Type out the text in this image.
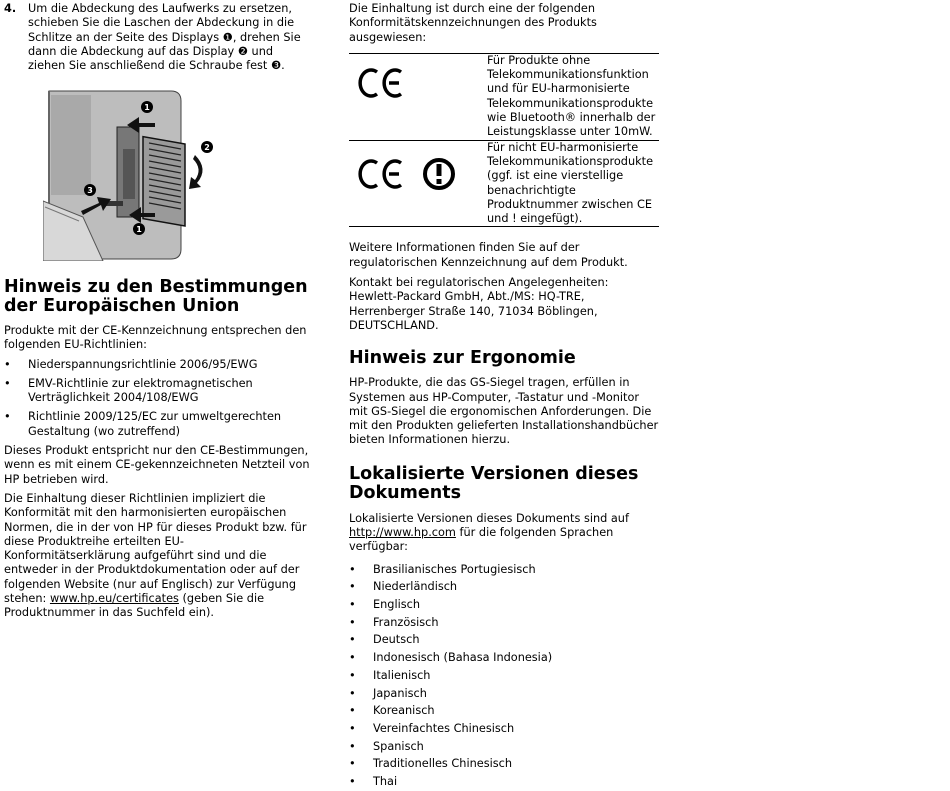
4. Um die Abdeckung des Laufwerks zu ersetzen, schieben Sie die Laschen der Abdeckung in die Schlitze an der Seite des Displays ❶, drehen Sie dann die Abdeckung auf das Display ❷ und ziehen Sie anschließend die Schraube fest ❸.

1
2
3
1
Hinweis zu den Bestimmungen der Europäischen Union

Produkte mit der CE-Kennzeichnung entsprechen den folgenden EU-Richtlinien:

• Niederspannungsrichtlinie 2006/95/EWG
• EMV-Richtlinie zur elektromagnetischen Verträglichkeit 2004/108/EWG
• Richtlinie 2009/125/EC zur umweltgerechten Gestaltung (wo zutreffend)

Dieses Produkt entspricht nur den CE-Bestimmungen, wenn es mit einem CE-gekennzeichneten Netzteil von HP betrieben wird.

Die Einhaltung dieser Richtlinien impliziert die Konformität mit den harmonisierten europäischen Normen, die in der von HP für dieses Produkt bzw. für diese Produktreihe erteilten EU-Konformitätserklärung aufgeführt sind und die entweder in der Produktdokumentation oder auf der folgenden Website (nur auf Englisch) zur Verfügung stehen: www.hp.eu/certificates (geben Sie die Produktnummer in das Suchfeld ein).

Die Einhaltung ist durch eine der folgenden Konformitätskennzeichnungen des Produkts ausgewiesen:

	Für Produkte ohne Telekommunikationsfunktion und für EU-harmonisierte Telekommunikationsprodukte wie Bluetooth® innerhalb der Leistungsklasse unter 10mW.
	Für nicht EU-harmonisierte Telekommunikationsprodukte (ggf. ist eine vierstellige benachrichtigte Produktnummer zwischen CE und ! eingefügt).

Weitere Informationen finden Sie auf der regulatorischen Kennzeichnung auf dem Produkt.

Kontakt bei regulatorischen Angelegenheiten: Hewlett-Packard GmbH, Abt./MS: HQ-TRE, Herrenberger Straße 140, 71034 Böblingen, DEUTSCHLAND.

Hinweis zur Ergonomie

HP-Produkte, die das GS-Siegel tragen, erfüllen in Systemen aus HP-Computer, -Tastatur und -Monitor mit GS-Siegel die ergonomischen Anforderungen. Die mit den Produkten gelieferten Installationshandbücher bieten Informationen hierzu.

Lokalisierte Versionen dieses Dokuments

Lokalisierte Versionen dieses Dokuments sind auf
http://www.hp.com für die folgenden Sprachen verfügbar:

• Brasilianisches Portugiesisch
• Niederländisch
• Englisch
• Französisch
• Deutsch
• Indonesisch (Bahasa Indonesia)
• Italienisch
• Japanisch
• Koreanisch
• Vereinfachtes Chinesisch
• Spanisch
• Traditionelles Chinesisch
• Thai
